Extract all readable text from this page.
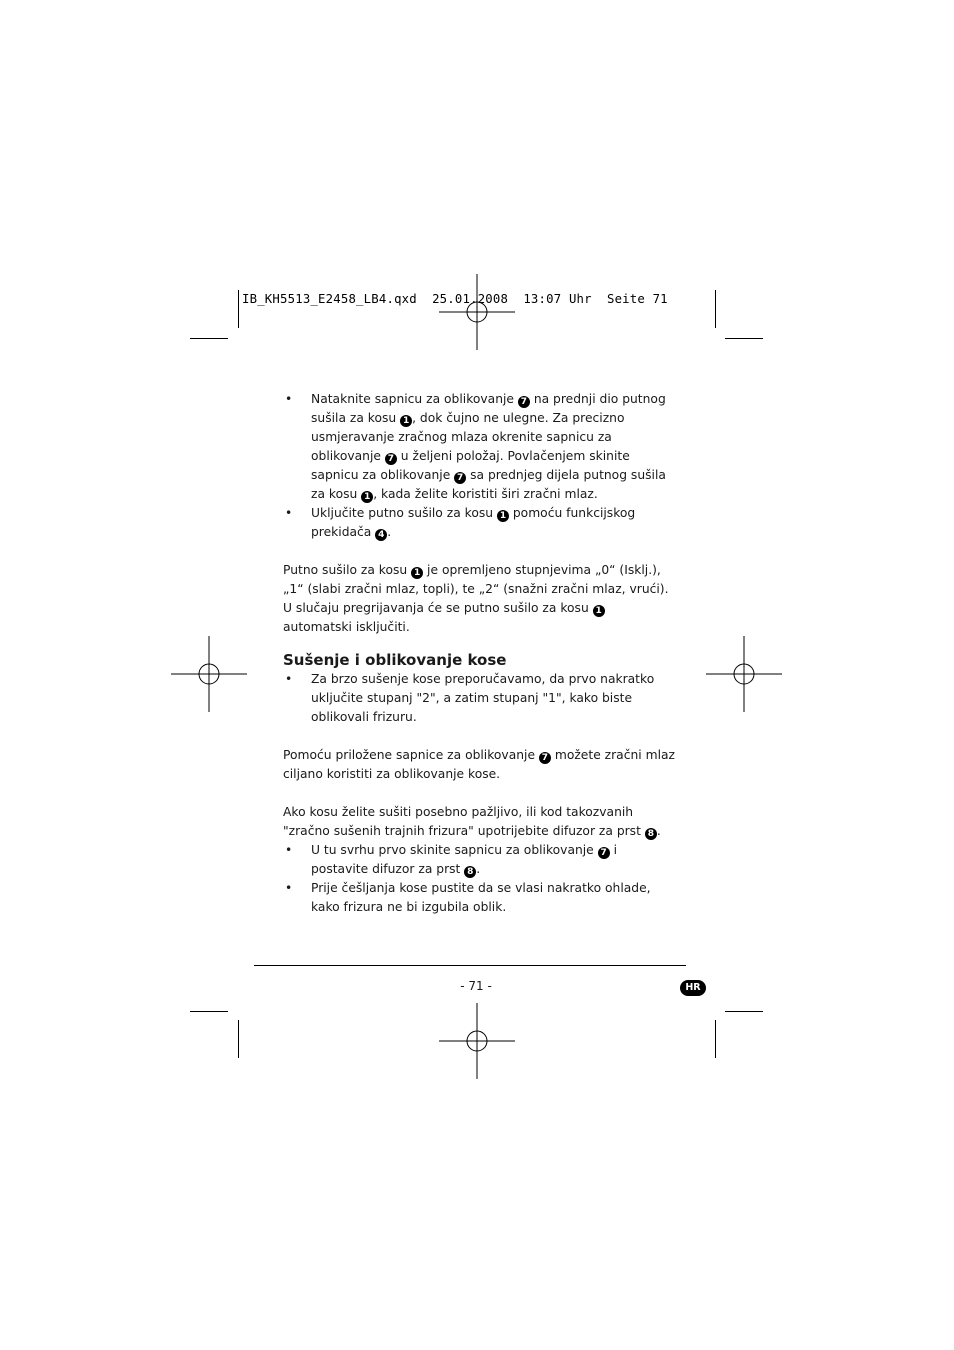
IB_KH5513_E2458_LB4.qxd  25.01.2008  13:07 Uhr  Seite 71
• Nataknite sapnicu za oblikovanje 7 na prednji dio putnog sušila za kosu 1 , dok čujno ne ulegne. Za precizno usmjeravanje zračnog mlaza okrenite sapnicu za oblikovanje 7 u željeni položaj. Povlačenjem skinite sapnicu za oblikovanje 7 sa prednjeg dijela putnog sušila za kosu 1 , kada želite koristiti širi zračni mlaz.
• Uključite putno sušilo za kosu 1 pomoću funkcijskog prekidača 4 .

Putno sušilo za kosu 1 je opremljeno stupnjevima „0“ (Isklj.), „1“ (slabi zračni mlaz, topli), te „2“ (snažni zračni mlaz, vrući).

U slučaju pregrijavanja će se putno sušilo za kosu 1 automatski isključiti.

Sušenje i oblikovanje kose
• Za brzo sušenje kose preporučavamo, da prvo nakratko uključite stupanj "2", a zatim stupanj "1", kako biste oblikovali frizuru.

Pomoću priložene sapnice za oblikovanje 7 možete zračni mlaz ciljano koristiti za oblikovanje kose.

Ako kosu želite sušiti posebno pažljivo, ili kod takozvanih "zračno sušenih trajnih frizura" upotrijebite difuzor za prst 8 .

• U tu svrhu prvo skinite sapnicu za oblikovanje 7 i postavite difuzor za prst 8 .
• Prije češljanja kose pustite da se vlasi nakratko ohlade, kako frizura ne bi izgubila oblik.
- 71 -	HR
